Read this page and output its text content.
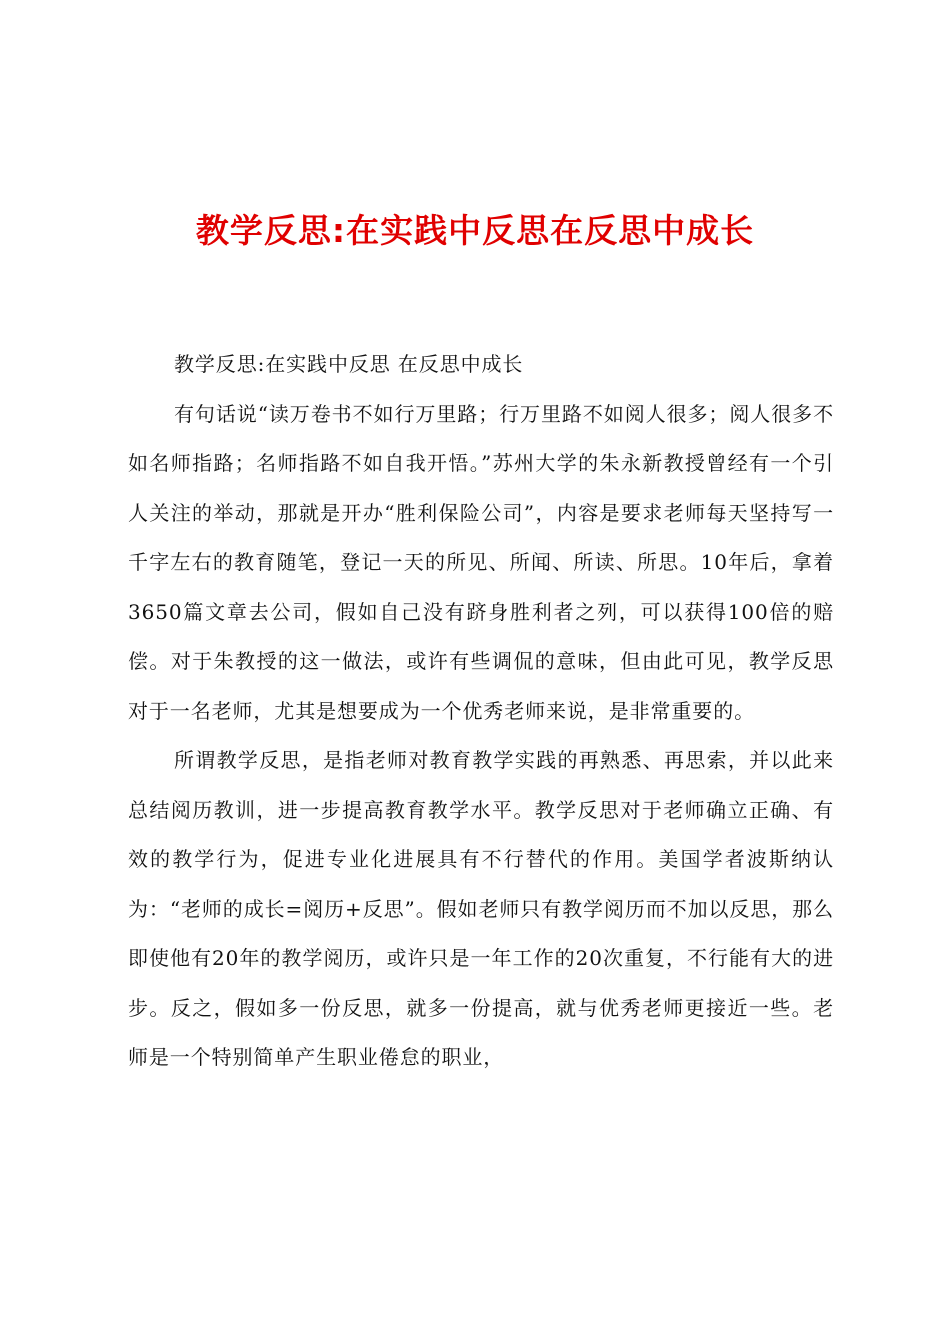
教学反思:在实践中反思在反思中成长

教学反思:在实践中反思 在反思中成长

有句话说“读万卷书不如行万里路；行万里路不如阅人很多；阅人很多不如名师指路；名师指路不如自我开悟。”苏州大学的朱永新教授曾经有一个引人关注的举动，那就是开办“胜利保险公司”，内容是要求老师每天坚持写一千字左右的教育随笔，登记一天的所见、所闻、所读、所思。10年后，拿着3650篇文章去公司，假如自己没有跻身胜利者之列，可以获得100倍的赔偿。对于朱教授的这一做法，或许有些调侃的意味，但由此可见，教学反思对于一名老师，尤其是想要成为一个优秀老师来说，是非常重要的。

所谓教学反思，是指老师对教育教学实践的再熟悉、再思索，并以此来总结阅历教训，进一步提高教育教学水平。教学反思对于老师确立正确、有效的教学行为，促进专业化进展具有不行替代的作用。美国学者波斯纳认为：“老师的成长=阅历+反思”。假如老师只有教学阅历而不加以反思，那么即使他有20年的教学阅历，或许只是一年工作的20次重复，不行能有大的进步。反之，假如多一份反思，就多一份提高，就与优秀老师更接近一些。老师是一个特别简单产生职业倦怠的职业，
